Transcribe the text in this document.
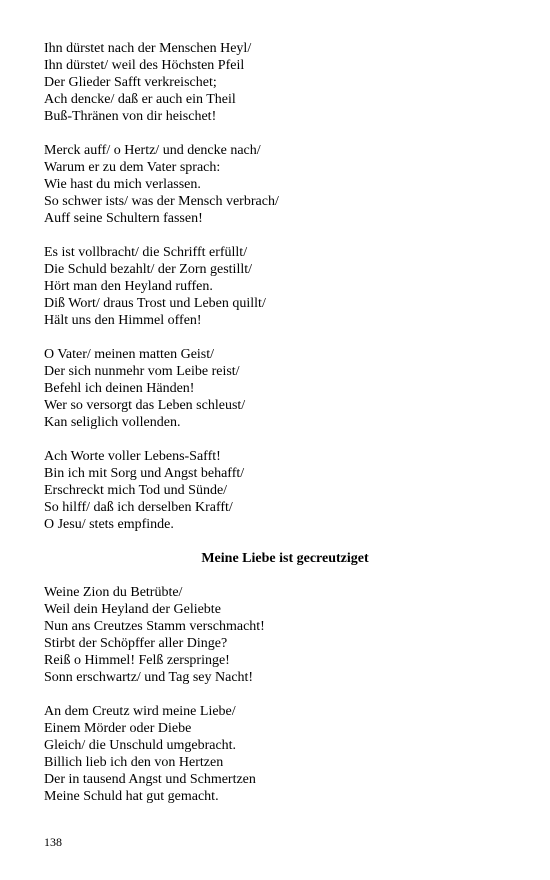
Ihn dürstet nach der Menschen Heyl/
Ihn dürstet/ weil des Höchsten Pfeil
Der Glieder Safft verkreischet;
Ach dencke/ daß er auch ein Theil
Buß-Thränen von dir heischet!
Merck auff/ o Hertz/ und dencke nach/
Warum er zu dem Vater sprach:
Wie hast du mich verlassen.
So schwer ists/ was der Mensch verbrach/
Auff seine Schultern fassen!
Es ist vollbracht/ die Schrifft erfüllt/
Die Schuld bezahlt/ der Zorn gestillt/
Hört man den Heyland ruffen.
Diß Wort/ draus Trost und Leben quillt/
Hält uns den Himmel offen!
O Vater/ meinen matten Geist/
Der sich nunmehr vom Leibe reist/
Befehl ich deinen Händen!
Wer so versorgt das Leben schleust/
Kan seliglich vollenden.
Ach Worte voller Lebens-Safft!
Bin ich mit Sorg und Angst behafft/
Erschreckt mich Tod und Sünde/
So hilff/ daß ich derselben Krafft/
O Jesu/ stets empfinde.
Meine Liebe ist gecreutziget
Weine Zion du Betrübte/
Weil dein Heyland der Geliebte
Nun ans Creutzes Stamm verschmacht!
Stirbt der Schöpffer aller Dinge?
Reiß o Himmel! Felß zerspringe!
Sonn erschwartz/ und Tag sey Nacht!
An dem Creutz wird meine Liebe/
Einem Mörder oder Diebe
Gleich/ die Unschuld umgebracht.
Billich lieb ich den von Hertzen
Der in tausend Angst und Schmertzen
Meine Schuld hat gut gemacht.
138
